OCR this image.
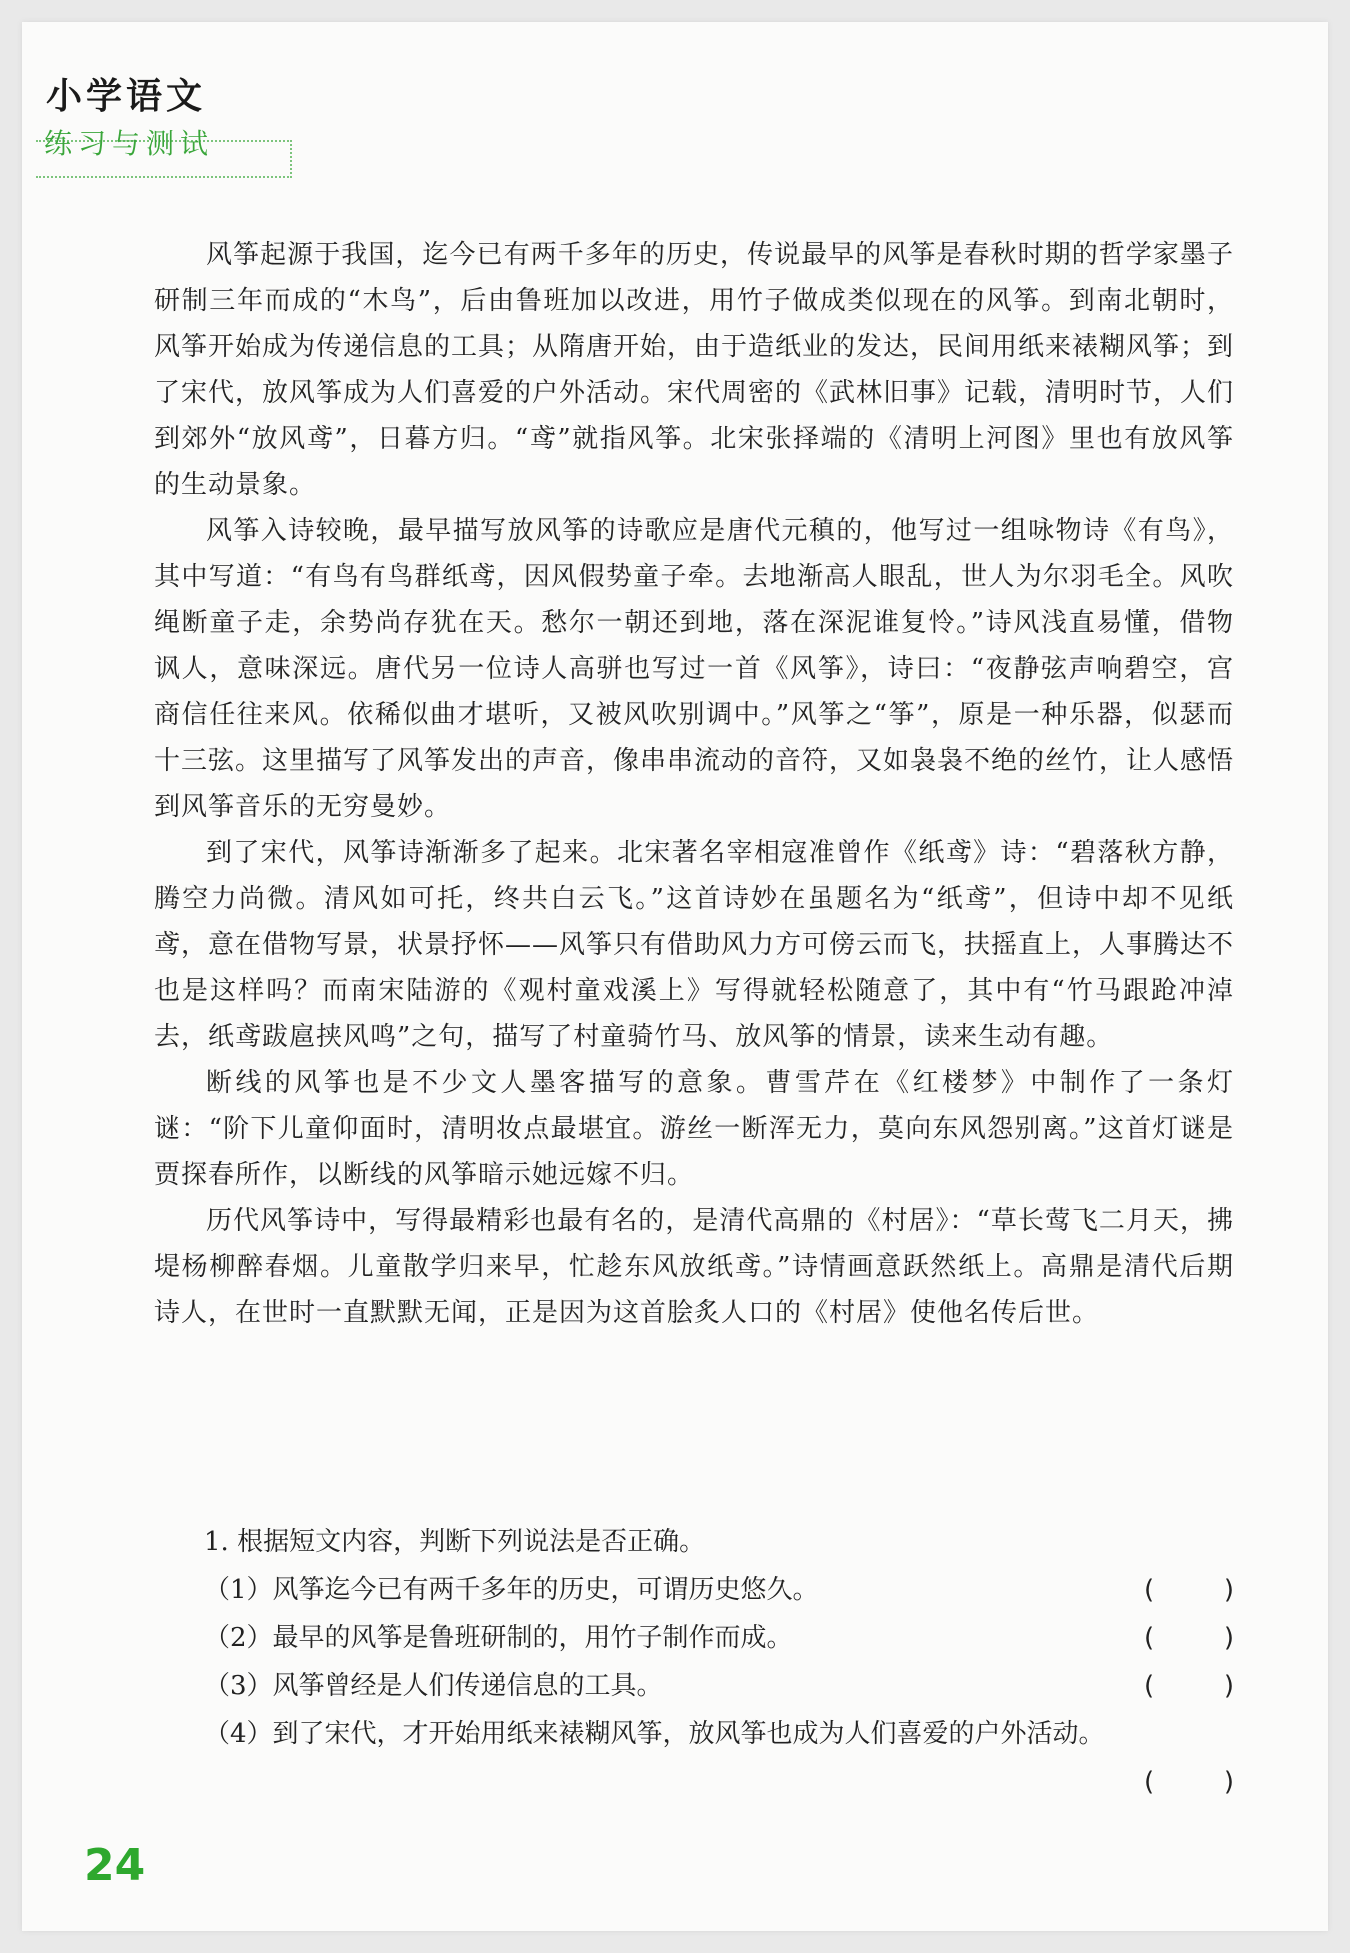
小学语文
练习与测试

风筝起源于我国，迄今已有两千多年的历史，传说最早的风筝是春秋时期的哲学家墨子研制三年而成的“木鸟”，后由鲁班加以改进，用竹子做成类似现在的风筝。到南北朝时，风筝开始成为传递信息的工具；从隋唐开始，由于造纸业的发达，民间用纸来裱糊风筝；到了宋代，放风筝成为人们喜爱的户外活动。宋代周密的《武林旧事》记载，清明时节，人们到郊外“放风鸢”，日暮方归。“鸢”就指风筝。北宋张择端的《清明上河图》里也有放风筝的生动景象。

风筝入诗较晚，最早描写放风筝的诗歌应是唐代元稹的，他写过一组咏物诗《有鸟》，其中写道：“有鸟有鸟群纸鸢，因风假势童子牵。去地渐高人眼乱，世人为尔羽毛全。风吹绳断童子走，余势尚存犹在天。愁尔一朝还到地，落在深泥谁复怜。”诗风浅直易懂，借物讽人，意味深远。唐代另一位诗人高骈也写过一首《风筝》，诗曰：“夜静弦声响碧空，宫商信任往来风。依稀似曲才堪听，又被风吹别调中。”风筝之“筝”，原是一种乐器，似瑟而十三弦。这里描写了风筝发出的声音，像串串流动的音符，又如袅袅不绝的丝竹，让人感悟到风筝音乐的无穷曼妙。

到了宋代，风筝诗渐渐多了起来。北宋著名宰相寇准曾作《纸鸢》诗：“碧落秋方静，腾空力尚微。清风如可托，终共白云飞。”这首诗妙在虽题名为“纸鸢”，但诗中却不见纸鸢，意在借物写景，状景抒怀——风筝只有借助风力方可傍云而飞，扶摇直上，人事腾达不也是这样吗？而南宋陆游的《观村童戏溪上》写得就轻松随意了，其中有“竹马跟跄冲淖去，纸鸢跋扈挟风鸣”之句，描写了村童骑竹马、放风筝的情景，读来生动有趣。

断线的风筝也是不少文人墨客描写的意象。曹雪芹在《红楼梦》中制作了一条灯谜：“阶下儿童仰面时，清明妆点最堪宜。游丝一断浑无力，莫向东风怨别离。”这首灯谜是贾探春所作，以断线的风筝暗示她远嫁不归。

历代风筝诗中，写得最精彩也最有名的，是清代高鼎的《村居》：“草长莺飞二月天，拂堤杨柳醉春烟。儿童散学归来早，忙趁东风放纸鸢。”诗情画意跃然纸上。高鼎是清代后期诗人，在世时一直默默无闻，正是因为这首脍炙人口的《村居》使他名传后世。

1. 根据短文内容，判断下列说法是否正确。

（1）风筝迄今已有两千多年的历史，可谓历史悠久。	(	)
（2）最早的风筝是鲁班研制的，用竹子制作而成。	(	)
（3）风筝曾经是人们传递信息的工具。	(	)
（4）到了宋代，才开始用纸来裱糊风筝，放风筝也成为人们喜爱的户外活动。
(	)
24
